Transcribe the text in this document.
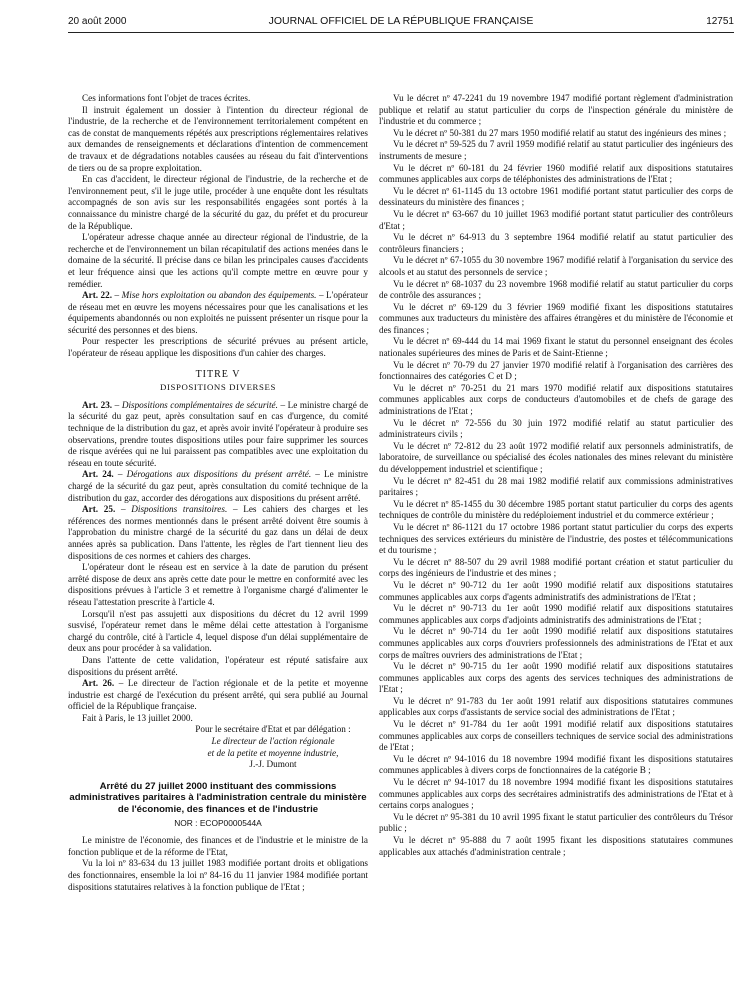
20 août 2000	JOURNAL OFFICIEL DE LA RÉPUBLIQUE FRANÇAISE	12751

Ces informations font l'objet de traces écrites.

Il instruit également un dossier à l'intention du directeur régional de l'industrie, de la recherche et de l'environnement territorialement compétent en cas de constat de manquements répétés aux prescriptions réglementaires relatives aux demandes de renseignements et déclarations d'intention de commencement de travaux et de dégradations notables causées au réseau du fait d'interventions de tiers ou de sa propre exploitation.

En cas d'accident, le directeur régional de l'industrie, de la recherche et de l'environnement peut, s'il le juge utile, procéder à une enquête dont les résultats accompagnés de son avis sur les responsabilités engagées sont portés à la connaissance du ministre chargé de la sécurité du gaz, du préfet et du procureur de la République.

L'opérateur adresse chaque année au directeur régional de l'industrie, de la recherche et de l'environnement un bilan récapitulatif des actions menées dans le domaine de la sécurité. Il précise dans ce bilan les principales causes d'accidents et leur fréquence ainsi que les actions qu'il compte mettre en œuvre pour y remédier.

Art. 22. – Mise hors exploitation ou abandon des équipements. – L'opérateur de réseau met en œuvre les moyens nécessaires pour que les canalisations et les équipements abandonnés ou non exploités ne puissent présenter un risque pour la sécurité des personnes et des biens.

Pour respecter les prescriptions de sécurité prévues au présent article, l'opérateur de réseau applique les dispositions d'un cahier des charges.

TITRE V

DISPOSITIONS DIVERSES

Art. 23. – Dispositions complémentaires de sécurité. – Le ministre chargé de la sécurité du gaz peut, après consultation sauf en cas d'urgence, du comité technique de la distribution du gaz, et après avoir invité l'opérateur à produire ses observations, prendre toutes dispositions utiles pour faire supprimer les sources de risque avérées qui ne lui paraissent pas compatibles avec une exploitation du réseau en toute sécurité.

Art. 24. – Dérogations aux dispositions du présent arrêté. – Le ministre chargé de la sécurité du gaz peut, après consultation du comité technique de la distribution du gaz, accorder des dérogations aux dispositions du présent arrêté.

Art. 25. – Dispositions transitoires. – Les cahiers des charges et les références des normes mentionnés dans le présent arrêté doivent être soumis à l'approbation du ministre chargé de la sécurité du gaz dans un délai de deux années après sa publication. Dans l'attente, les règles de l'art tiennent lieu des dispositions de ces normes et cahiers des charges.

L'opérateur dont le réseau est en service à la date de parution du présent arrêté dispose de deux ans après cette date pour le mettre en conformité avec les dispositions prévues à l'article 3 et remettre à l'organisme chargé d'alimenter le réseau l'attestation prescrite à l'article 4.

Lorsqu'il n'est pas assujetti aux dispositions du décret du 12 avril 1999 susvisé, l'opérateur remet dans le même délai cette attestation à l'organisme chargé du contrôle, cité à l'article 4, lequel dispose d'un délai supplémentaire de deux ans pour procéder à sa validation.

Dans l'attente de cette validation, l'opérateur est réputé satisfaire aux dispositions du présent arrêté.

Art. 26. – Le directeur de l'action régionale et de la petite et moyenne industrie est chargé de l'exécution du présent arrêté, qui sera publié au Journal officiel de la République française.

Fait à Paris, le 13 juillet 2000.

Pour le secrétaire d'Etat et par délégation :

Le directeur de l'action régionale

et de la petite et moyenne industrie,

J.-J. Dumont

Arrêté du 27 juillet 2000 instituant des commissions administratives paritaires à l'administration centrale du ministère de l'économie, des finances et de l'industrie

NOR : ECOP0000544A

Le ministre de l'économie, des finances et de l'industrie et le ministre de la fonction publique et de la réforme de l'Etat,

Vu la loi nº 83-634 du 13 juillet 1983 modifiée portant droits et obligations des fonctionnaires, ensemble la loi nº 84-16 du 11 janvier 1984 modifiée portant dispositions statutaires relatives à la fonction publique de l'Etat ;

Vu le décret nº 47-2241 du 19 novembre 1947 modifié portant règlement d'administration publique et relatif au statut particulier du corps de l'inspection générale du ministère de l'industrie et du commerce ;

Vu le décret nº 50-381 du 27 mars 1950 modifié relatif au statut des ingénieurs des mines ;

Vu le décret nº 59-525 du 7 avril 1959 modifié relatif au statut particulier des ingénieurs des instruments de mesure ;

Vu le décret nº 60-181 du 24 février 1960 modifié relatif aux dispositions statutaires communes applicables aux corps de téléphonistes des administrations de l'Etat ;

Vu le décret nº 61-1145 du 13 octobre 1961 modifié portant statut particulier des corps de dessinateurs du ministère des finances ;

Vu le décret nº 63-667 du 10 juillet 1963 modifié portant statut particulier des contrôleurs d'Etat ;

Vu le décret nº 64-913 du 3 septembre 1964 modifié relatif au statut particulier des contrôleurs financiers ;

Vu le décret nº 67-1055 du 30 novembre 1967 modifié relatif à l'organisation du service des alcools et au statut des personnels de service ;

Vu le décret nº 68-1037 du 23 novembre 1968 modifié relatif au statut particulier du corps de contrôle des assurances ;

Vu le décret nº 69-129 du 3 février 1969 modifié fixant les dispositions statutaires communes aux traducteurs du ministère des affaires étrangères et du ministère de l'économie et des finances ;

Vu le décret nº 69-444 du 14 mai 1969 fixant le statut du personnel enseignant des écoles nationales supérieures des mines de Paris et de Saint-Etienne ;

Vu le décret nº 70-79 du 27 janvier 1970 modifié relatif à l'organisation des carrières des fonctionnaires des catégories C et D ;

Vu le décret nº 70-251 du 21 mars 1970 modifié relatif aux dispositions statutaires communes applicables aux corps de conducteurs d'automobiles et de chefs de garage des administrations de l'Etat ;

Vu le décret nº 72-556 du 30 juin 1972 modifié relatif au statut particulier des administrateurs civils ;

Vu le décret nº 72-812 du 23 août 1972 modifié relatif aux personnels administratifs, de laboratoire, de surveillance ou spécialisé des écoles nationales des mines relevant du ministère du développement industriel et scientifique ;

Vu le décret nº 82-451 du 28 mai 1982 modifié relatif aux commissions administratives paritaires ;

Vu le décret nº 85-1455 du 30 décembre 1985 portant statut particulier du corps des agents techniques de contrôle du ministère du redéploiement industriel et du commerce extérieur ;

Vu le décret nº 86-1121 du 17 octobre 1986 portant statut particulier du corps des experts techniques des services extérieurs du ministère de l'industrie, des postes et télécommunications et du tourisme ;

Vu le décret nº 88-507 du 29 avril 1988 modifié portant création et statut particulier du corps des ingénieurs de l'industrie et des mines ;

Vu le décret nº 90-712 du 1er août 1990 modifié relatif aux dispositions statutaires communes applicables aux corps d'agents administratifs des administrations de l'Etat ;

Vu le décret nº 90-713 du 1er août 1990 modifié relatif aux dispositions statutaires communes applicables aux corps d'adjoints administratifs des administrations de l'Etat ;

Vu le décret nº 90-714 du 1er août 1990 modifié relatif aux dispositions statutaires communes applicables aux corps d'ouvriers professionnels des administrations de l'Etat et aux corps de maîtres ouvriers des administrations de l'Etat ;

Vu le décret nº 90-715 du 1er août 1990 modifié relatif aux dispositions statutaires communes applicables aux corps des agents des services techniques des administrations de l'Etat ;

Vu le décret nº 91-783 du 1er août 1991 relatif aux dispositions statutaires communes applicables aux corps d'assistants de service social des administrations de l'Etat ;

Vu le décret nº 91-784 du 1er août 1991 modifié relatif aux dispositions statutaires communes applicables aux corps de conseillers techniques de service social des administrations de l'Etat ;

Vu le décret nº 94-1016 du 18 novembre 1994 modifié fixant les dispositions statutaires communes applicables à divers corps de fonctionnaires de la catégorie B ;

Vu le décret nº 94-1017 du 18 novembre 1994 modifié fixant les dispositions statutaires communes applicables aux corps des secrétaires administratifs des administrations de l'Etat et à certains corps analogues ;

Vu le décret nº 95-381 du 10 avril 1995 fixant le statut particulier des contrôleurs du Trésor public ;

Vu le décret nº 95-888 du 7 août 1995 fixant les dispositions statutaires communes applicables aux attachés d'administration centrale ;
